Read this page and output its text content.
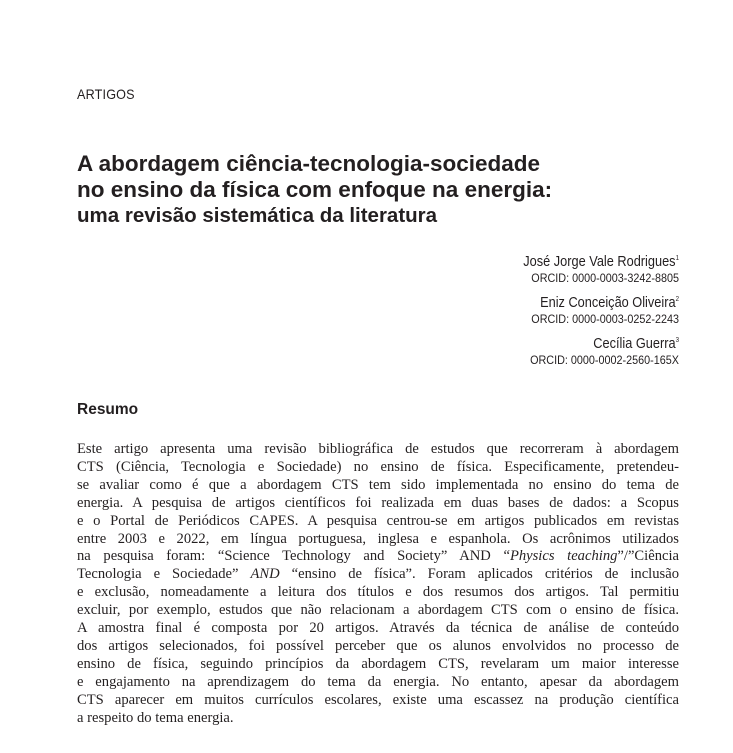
ARTIGOS
A abordagem ciência-tecnologia-sociedade
no ensino da física com enfoque na energia:
uma revisão sistemática da literatura
José Jorge Vale Rodrigues$^1$
ORCID: 0000-0003-3242-8805
Eniz Conceição Oliveira$^2$
ORCID: 0000-0003-0252-2243
Cecília Guerra$^3$
ORCID: 0000-0002-2560-165X
Resumo
Este artigo apresenta uma revisão bibliográfica de estudos que recorreram à abordagem
CTS (Ciência, Tecnologia e Sociedade) no ensino de física. Especificamente, pretendeu-
se avaliar como é que a abordagem CTS tem sido implementada no ensino do tema de
energia. A pesquisa de artigos científicos foi realizada em duas bases de dados: a Scopus
e o Portal de Periódicos CAPES. A pesquisa centrou-se em artigos publicados em revistas
entre 2003 e 2022, em língua portuguesa, inglesa e espanhola. Os acrônimos utilizados
na pesquisa foram: “Science Technology and Society” AND “Physics teaching”/”Ciência
Tecnologia e Sociedade” AND “ensino de física”. Foram aplicados critérios de inclusão
e exclusão, nomeadamente a leitura dos títulos e dos resumos dos artigos. Tal permitiu
excluir, por exemplo, estudos que não relacionam a abordagem CTS com o ensino de física.
A amostra final é composta por 20 artigos. Através da técnica de análise de conteúdo
dos artigos selecionados, foi possível perceber que os alunos envolvidos no processo de
ensino de física, seguindo princípios da abordagem CTS, revelaram um maior interesse
e engajamento na aprendizagem do tema da energia. No entanto, apesar da abordagem
CTS aparecer em muitos currículos escolares, existe uma escassez na produção científica
a respeito do tema energia.
